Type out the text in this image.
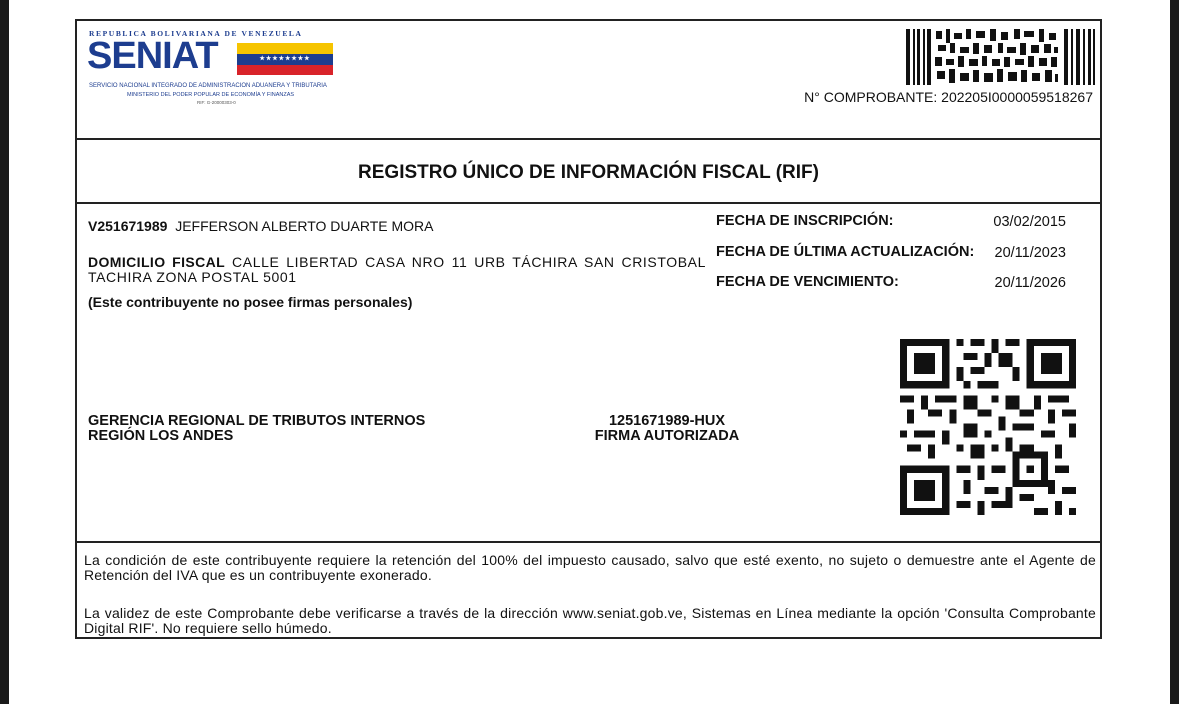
REPUBLICA BOLIVARIANA DE VENEZUELA
SENIAT	★★★★★★★★
SERVICIO NACIONAL INTEGRADO DE ADMINISTRACION ADUANERA Y TRIBUTARIA
MINISTERIO DEL PODER POPULAR DE ECONOMÍA Y FINANZAS
RIF: G-20000303-0	N° COMPROBANTE: 202205I0000059518267
REGISTRO ÚNICO DE INFORMACIÓN FISCAL (RIF)
V251671989 JEFFERSON ALBERTO DUARTE MORA
DOMICILIO FISCAL CALLE LIBERTAD CASA NRO 11 URB TÁCHIRA SAN CRISTOBAL TACHIRA ZONA POSTAL 5001
(Este contribuyente no posee firmas personales)
FECHA DE INSCRIPCIÓN:	03/02/2015
FECHA DE ÚLTIMA ACTUALIZACIÓN: 20/11/2023
FECHA DE VENCIMIENTO:	20/11/2026
GERENCIA REGIONAL DE TRIBUTOS INTERNOS
REGIÓN LOS ANDES
1251671989-HUX
FIRMA AUTORIZADA
La condición de este contribuyente requiere la retención del 100% del impuesto causado, salvo que esté exento, no sujeto o demuestre ante el Agente de Retención del IVA que es un contribuyente exonerado.
La validez de este Comprobante debe verificarse a través de la dirección www.seniat.gob.ve, Sistemas en Línea mediante la opción 'Consulta Comprobante Digital RIF'. No requiere sello húmedo.
